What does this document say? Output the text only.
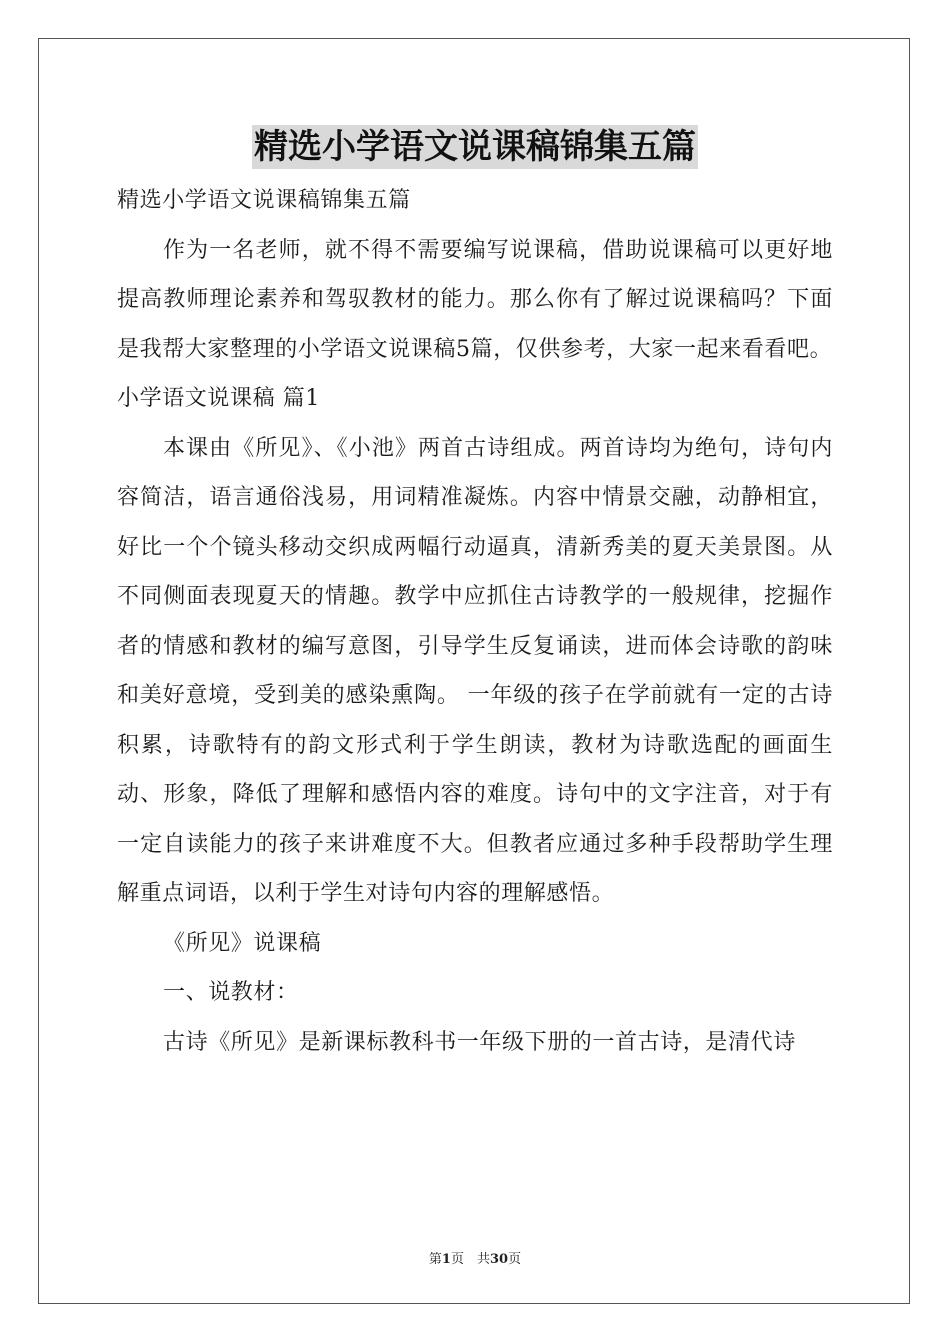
精选小学语文说课稿锦集五篇

精选小学语文说课稿锦集五篇

作为一名老师，就不得不需要编写说课稿，借助说课稿可以更好地提高教师理论素养和驾驭教材的能力。那么你有了解过说课稿吗？下面是我帮大家整理的小学语文说课稿5篇，仅供参考，大家一起来看看吧。

小学语文说课稿 篇1

本课由《所见》、《小池》两首古诗组成。两首诗均为绝句，诗句内容简洁，语言通俗浅易，用词精准凝炼。内容中情景交融，动静相宜，好比一个个镜头移动交织成两幅行动逼真，清新秀美的夏天美景图。从不同侧面表现夏天的情趣。教学中应抓住古诗教学的一般规律，挖掘作者的情感和教材的编写意图，引导学生反复诵读，进而体会诗歌的韵味和美好意境，受到美的感染熏陶。 一年级的孩子在学前就有一定的古诗积累，诗歌特有的韵文形式利于学生朗读，教材为诗歌选配的画面生动、形象，降低了理解和感悟内容的难度。诗句中的文字注音，对于有一定自读能力的孩子来讲难度不大。但教者应通过多种手段帮助学生理解重点词语，以利于学生对诗句内容的理解感悟。

《所见》说课稿

一、说教材：

古诗《所见》是新课标教科书一年级下册的一首古诗，是清代诗

第1页　共30页
